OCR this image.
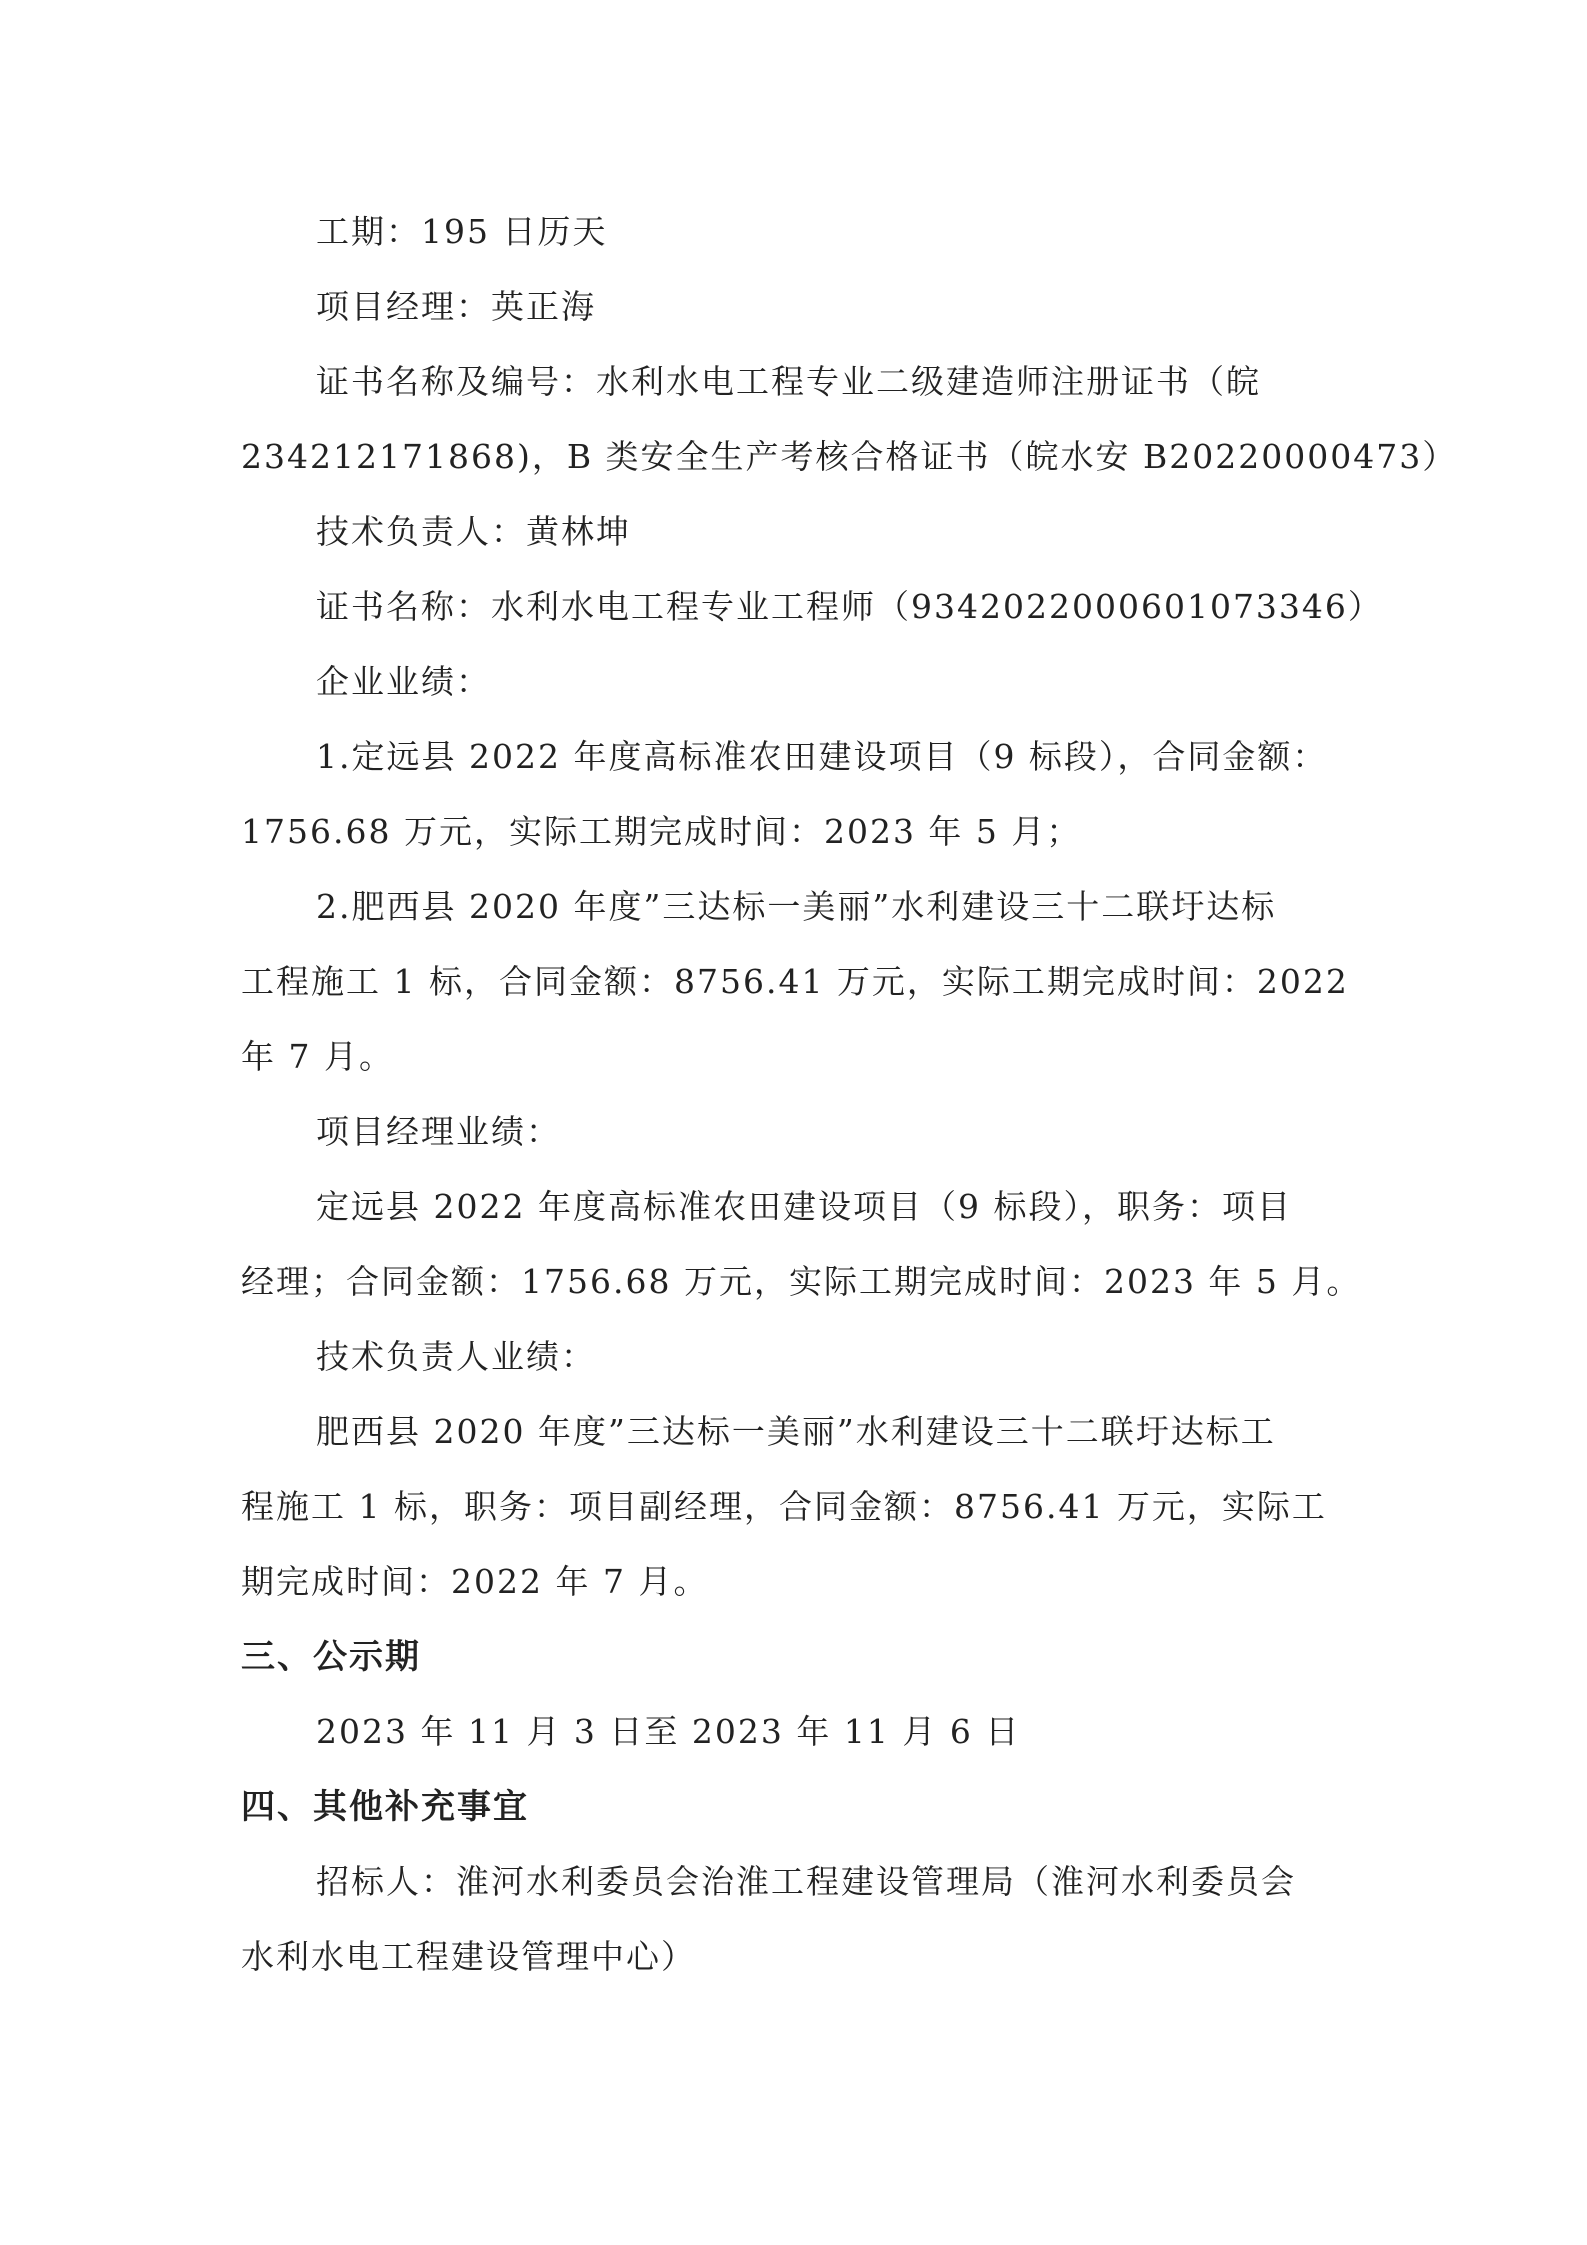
工期：195 日历天
项目经理：英正海
证书名称及编号：水利水电工程专业二级建造师注册证书（皖
234212171868)，B 类安全生产考核合格证书（皖水安 B20220000473）
技术负责人：黄林坤
证书名称：水利水电工程专业工程师（93420220006010733​46）
企业业绩：
1.定远县 2022 年度高标准农田建设项目（9 标段），合同金额：
1756.68 万元，实际工期完成时间：2023 年 5 月；
2.肥西县 2020 年度”三达标一美丽”水利建设三十二联圩达标
工程施工 1 标，合同金额：8756.41 万元，实际工期完成时间：2022
年 7 月。
项目经理业绩：
定远县 2022 年度高标准农田建设项目（9 标段），职务：项目
经理；合同金额：1756.68 万元，实际工期完成时间：2023 年 5 月。
技术负责人业绩：
肥西县 2020 年度”三达标一美丽”水利建设三十二联圩达标工
程施工 1 标，职务：项目副经理，合同金额：8756.41 万元，实际工
期完成时间：2022 年 7 月。
三、公示期
2023 年 11 月 3 日至 2023 年 11 月 6 日
四、其他补充事宜
招标人：淮河水利委员会治淮工程建设管理局（淮河水利委员会
水利水电工程建设管理中心）
